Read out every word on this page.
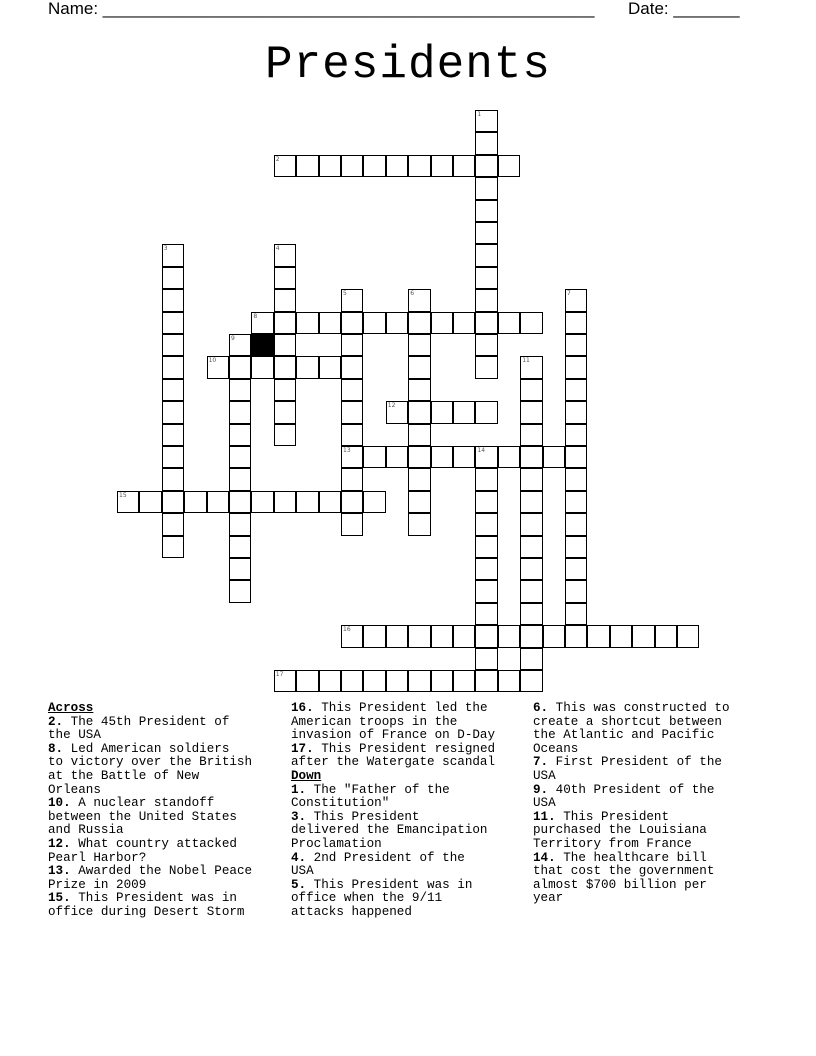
Name: ____________________________________________________ Date: _______
Presidents
2
8
10
12
13	14
15
16
17
1
3	4
5	6	7
9
11
Across
2. The 45th President of
the USA
8. Led American soldiers
to victory over the British
at the Battle of New
Orleans
10. A nuclear standoff
between the United States
and Russia
12. What country attacked
Pearl Harbor?
13. Awarded the Nobel Peace
Prize in 2009
15. This President was in
office during Desert Storm
16. This President led the
American troops in the
invasion of France on D-Day
17. This President resigned
after the Watergate scandal
Down
1. The "Father of the
Constitution"
3. This President
delivered the Emancipation
Proclamation
4. 2nd President of the
USA
5. This President was in
office when the 9/11
attacks happened
6. This was constructed to
create a shortcut between
the Atlantic and Pacific
Oceans
7. First President of the
USA
9. 40th President of the
USA
11. This President
purchased the Louisiana
Territory from France
14. The healthcare bill
that cost the government
almost $700 billion per
year
